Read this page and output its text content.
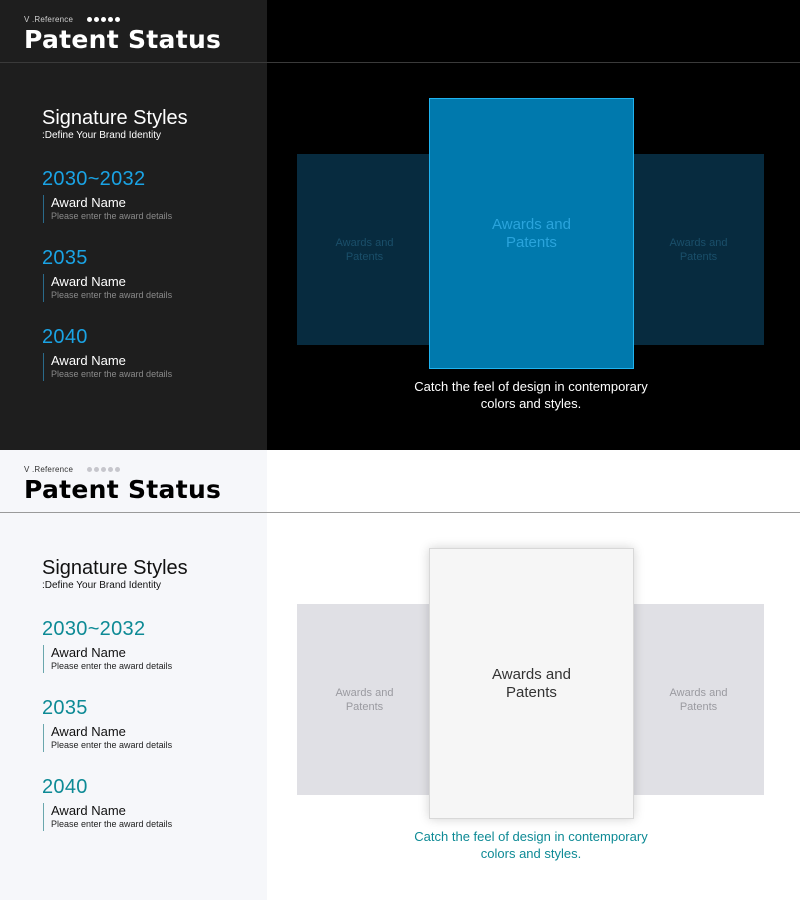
V .Reference
Patent Status
Signature Styles
:Define Your Brand Identity
2030~2032
Award Name
Please enter the award details
2035
Award Name
Please enter the award details
2040
Award Name
Please enter the award details
Awards and
Patents
Awards and
Patents
Awards and
Patents
Catch the feel of design in contemporary
colors and styles.
V .Reference
Patent Status
Signature Styles
:Define Your Brand Identity
2030~2032
Award Name
Please enter the award details
2035
Award Name
Please enter the award details
2040
Award Name
Please enter the award details
Awards and
Patents
Awards and
Patents
Awards and
Patents
Catch the feel of design in contemporary
colors and styles.
